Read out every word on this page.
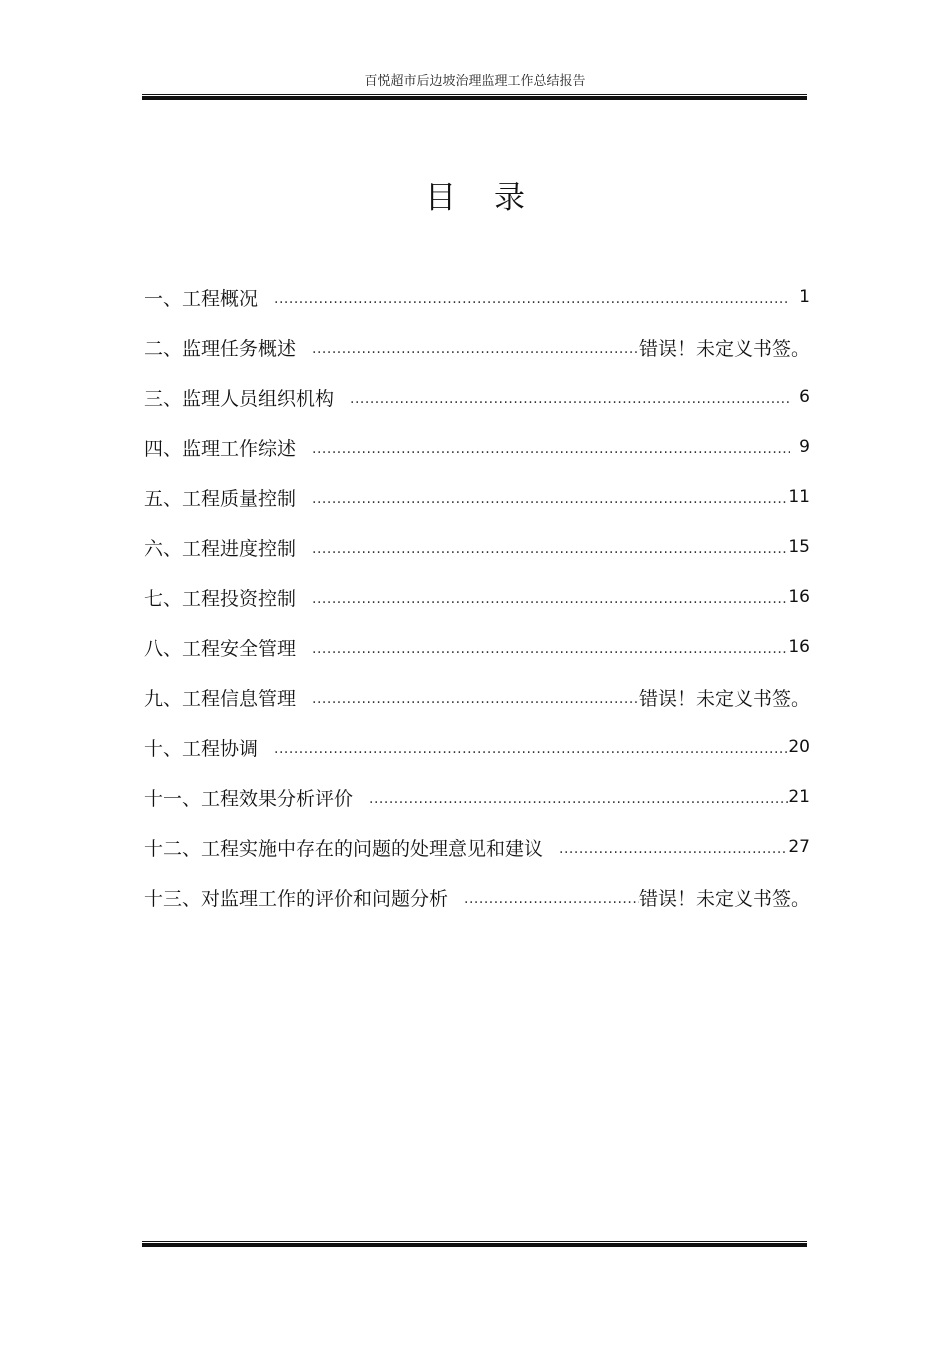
百悦超市后边坡治理监理工作总结报告
目录
一、工程概况 .....	1
二、监理任务概述 .....	错误！未定义书签。
三、监理人员组织机构 .....	6
四、监理工作综述 .....	9
五、工程质量控制 .....	11
六、工程进度控制 .....	15
七、工程投资控制 .....	16
八、工程安全管理 .....	16
九、工程信息管理 .....	错误！未定义书签。
十、工程协调 .....	20
十一、工程效果分析评价 .....	21
十二、工程实施中存在的问题的处理意见和建议 .....	27
十三、对监理工作的评价和问题分析 .....	错误！未定义书签。
